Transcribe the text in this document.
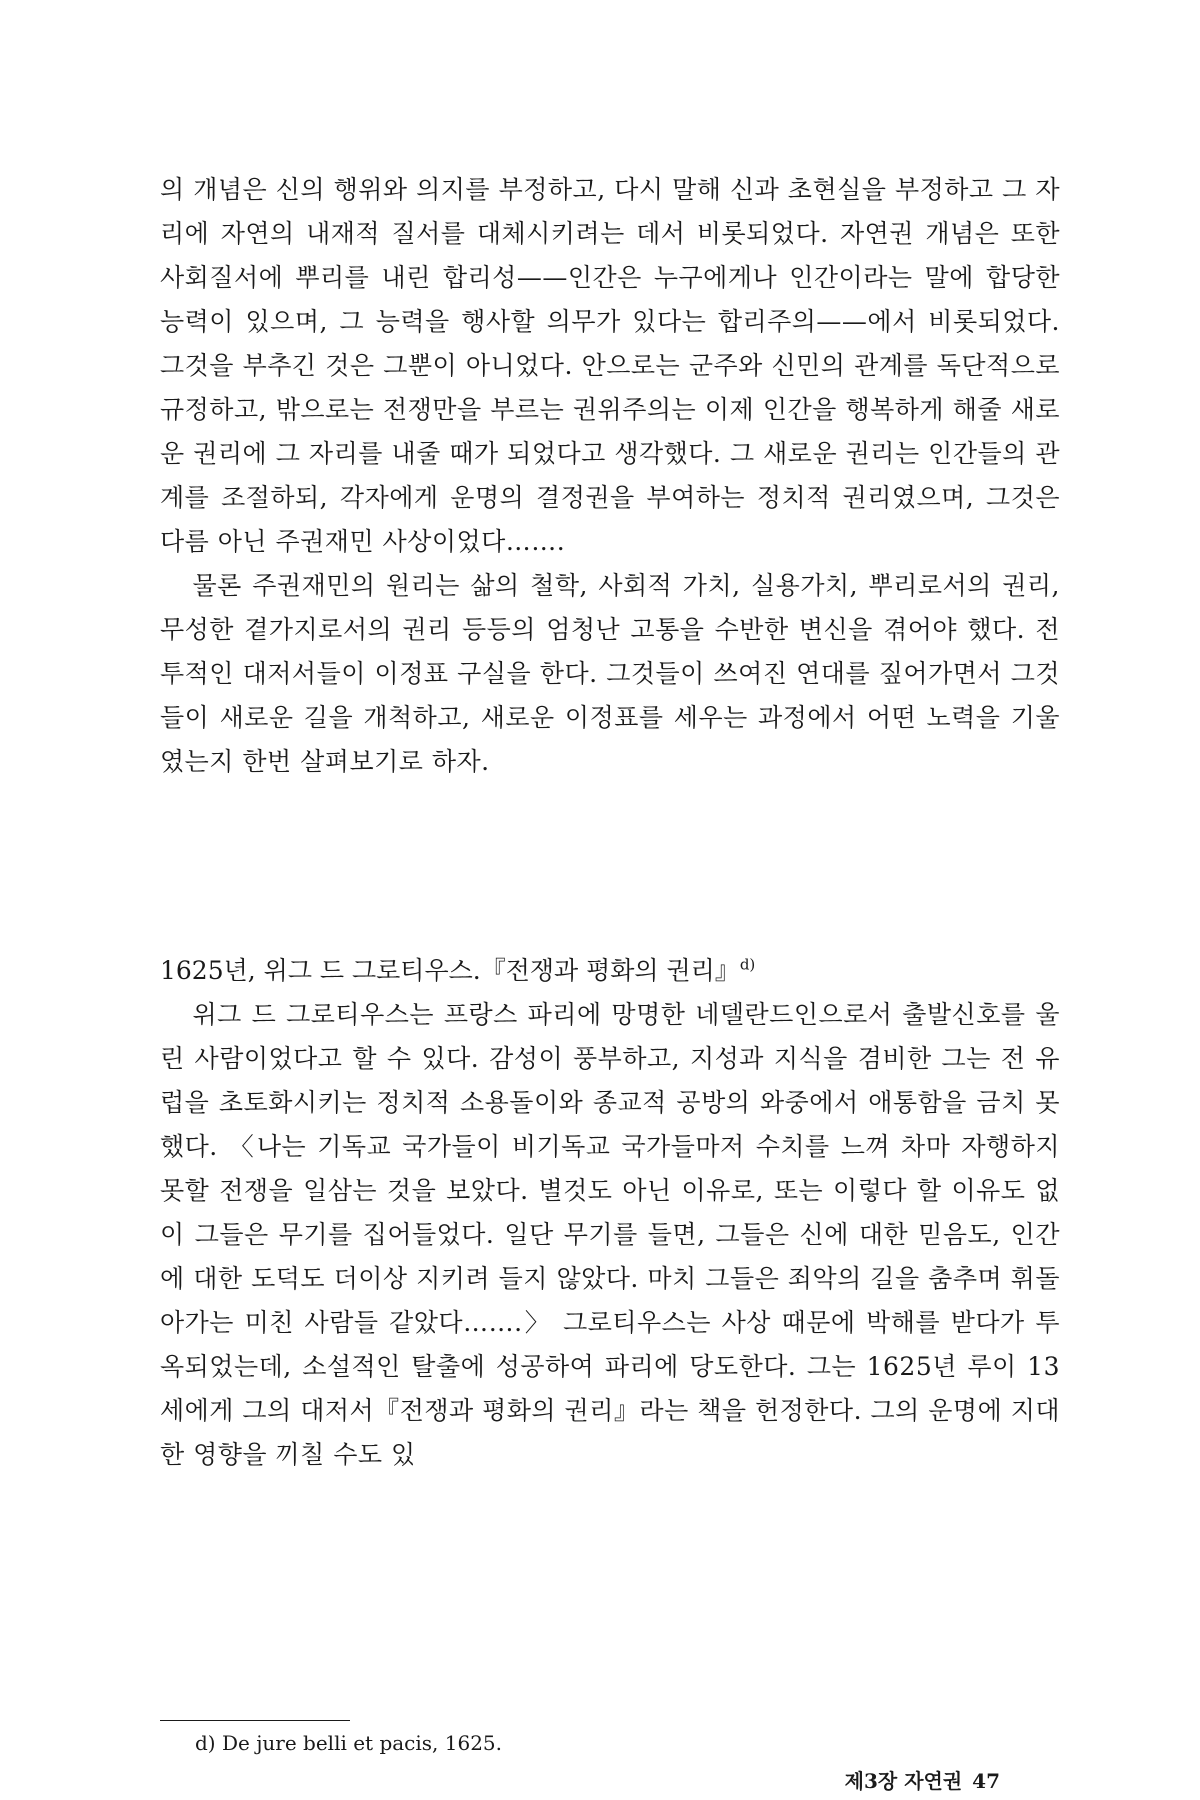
의 개념은 신의 행위와 의지를 부정하고, 다시 말해 신과 초현실을 부정하고 그 자리에 자연의 내재적 질서를 대체시키려는 데서 비롯되었다. 자연권 개념은 또한 사회질서에 뿌리를 내린 합리성——인간은 누구에게나 인간이라는 말에 합당한 능력이 있으며, 그 능력을 행사할 의무가 있다는 합리주의——에서 비롯되었다. 그것을 부추긴 것은 그뿐이 아니었다. 안으로는 군주와 신민의 관계를 독단적으로 규정하고, 밖으로는 전쟁만을 부르는 권위주의는 이제 인간을 행복하게 해줄 새로운 권리에 그 자리를 내줄 때가 되었다고 생각했다. 그 새로운 권리는 인간들의 관계를 조절하되, 각자에게 운명의 결정권을 부여하는 정치적 권리였으며, 그것은 다름 아닌 주권재민 사상이었다…….

물론 주권재민의 원리는 삶의 철학, 사회적 가치, 실용가치, 뿌리로서의 권리, 무성한 곁가지로서의 권리 등등의 엄청난 고통을 수반한 변신을 겪어야 했다. 전투적인 대저서들이 이정표 구실을 한다. 그것들이 쓰여진 연대를 짚어가면서 그것들이 새로운 길을 개척하고, 새로운 이정표를 세우는 과정에서 어떤 노력을 기울였는지 한번 살펴보기로 하자.

1625년, 위그 드 그로티우스.『전쟁과 평화의 권리』$^{d)}$

위그 드 그로티우스는 프랑스 파리에 망명한 네델란드인으로서 출발신호를 울린 사람이었다고 할 수 있다. 감성이 풍부하고, 지성과 지식을 겸비한 그는 전 유럽을 초토화시키는 정치적 소용돌이와 종교적 공방의 와중에서 애통함을 금치 못했다. 〈나는 기독교 국가들이 비기독교 국가들마저 수치를 느껴 차마 자행하지 못할 전쟁을 일삼는 것을 보았다. 별것도 아닌 이유로, 또는 이렇다 할 이유도 없이 그들은 무기를 집어들었다. 일단 무기를 들면, 그들은 신에 대한 믿음도, 인간에 대한 도덕도 더이상 지키려 들지 않았다. 마치 그들은 죄악의 길을 춤추며 휘돌아가는 미친 사람들 같았다…….〉 그로티우스는 사상 때문에 박해를 받다가 투옥되었는데, 소설적인 탈출에 성공하여 파리에 당도한다. 그는 1625년 루이 13세에게 그의 대저서『전쟁과 평화의 권리』라는 책을 헌정한다. 그의 운명에 지대한 영향을 끼칠 수도 있

d) De jure belli et pacis, 1625.

제3장 자연권 47
